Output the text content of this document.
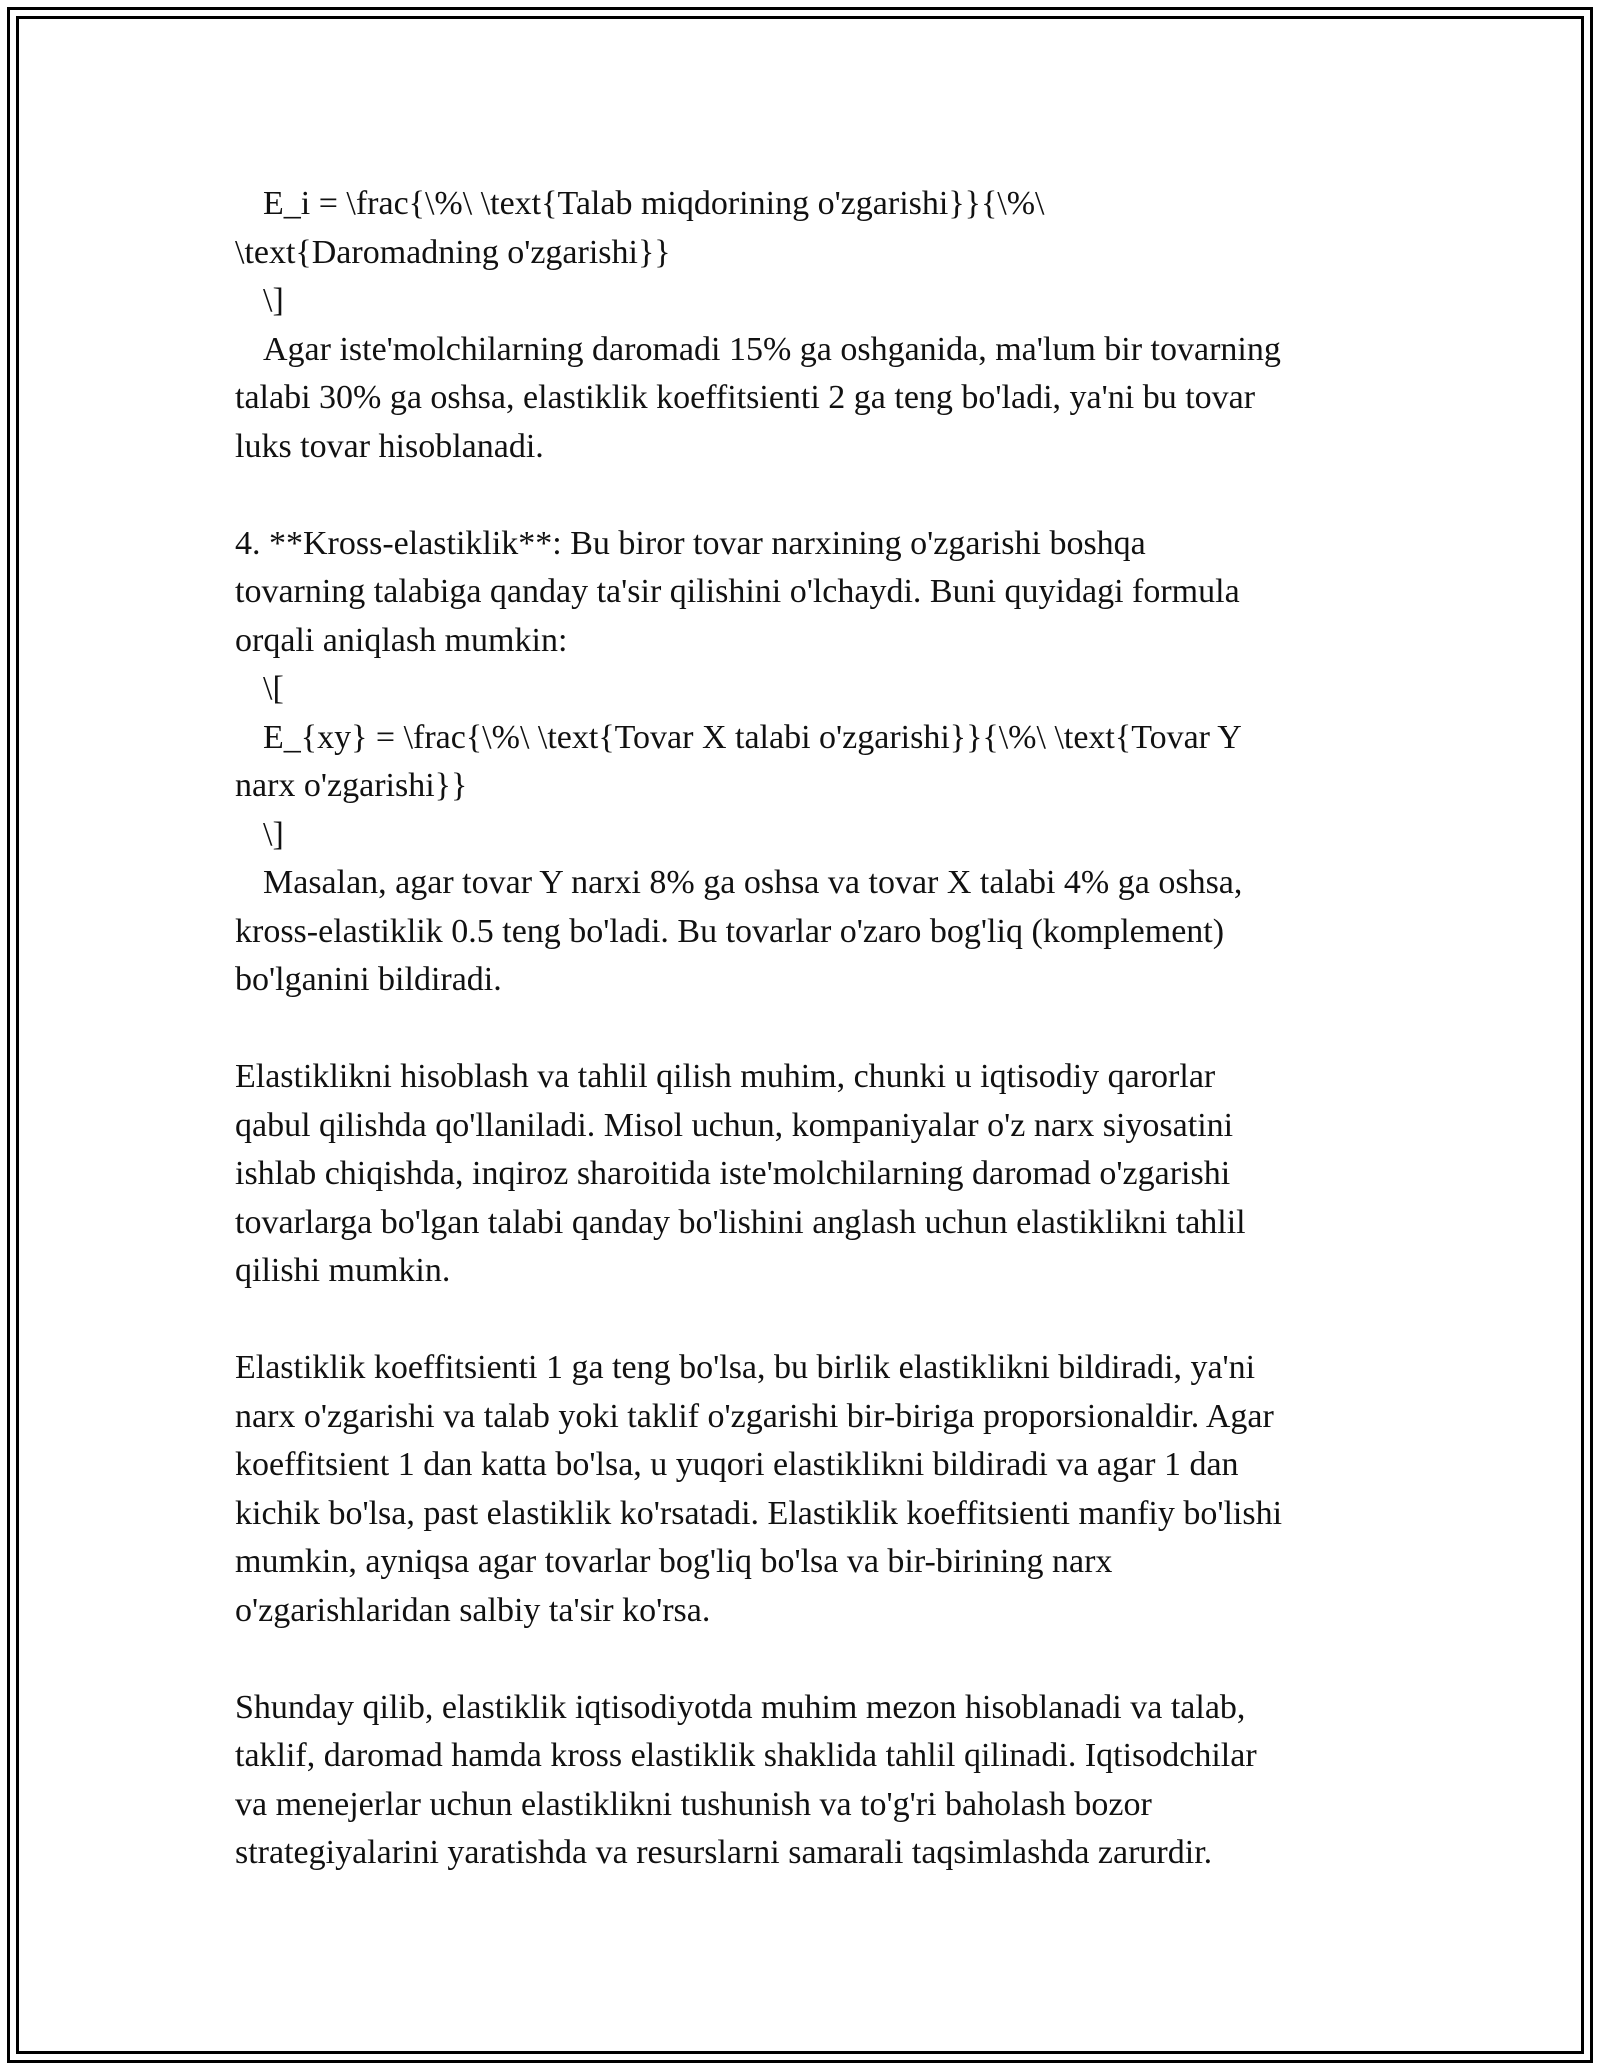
E_i = \frac{\%\ \text{Talab miqdorining o'zgarishi}}{\%\
\text{Daromadning o'zgarishi}}
\]
Agar iste'molchilarning daromadi 15% ga oshganida, ma'lum bir tovarning
talabi 30% ga oshsa, elastiklik koeffitsienti 2 ga teng bo'ladi, ya'ni bu tovar
luks tovar hisoblanadi.
4. **Kross-elastiklik**: Bu biror tovar narxining o'zgarishi boshqa
tovarning talabiga qanday ta'sir qilishini o'lchaydi. Buni quyidagi formula
orqali aniqlash mumkin:
\[
E_{xy} = \frac{\%\ \text{Tovar X talabi o'zgarishi}}{\%\ \text{Tovar Y
narx o'zgarishi}}
\]
Masalan, agar tovar Y narxi 8% ga oshsa va tovar X talabi 4% ga oshsa,
kross-elastiklik 0.5 teng bo'ladi. Bu tovarlar o'zaro bog'liq (komplement)
bo'lganini bildiradi.
Elastiklikni hisoblash va tahlil qilish muhim, chunki u iqtisodiy qarorlar
qabul qilishda qo'llaniladi. Misol uchun, kompaniyalar o'z narx siyosatini
ishlab chiqishda, inqiroz sharoitida iste'molchilarning daromad o'zgarishi
tovarlarga bo'lgan talabi qanday bo'lishini anglash uchun elastiklikni tahlil
qilishi mumkin.
Elastiklik koeffitsienti 1 ga teng bo'lsa, bu birlik elastiklikni bildiradi, ya'ni
narx o'zgarishi va talab yoki taklif o'zgarishi bir-biriga proporsionaldir. Agar
koeffitsient 1 dan katta bo'lsa, u yuqori elastiklikni bildiradi va agar 1 dan
kichik bo'lsa, past elastiklik ko'rsatadi. Elastiklik koeffitsienti manfiy bo'lishi
mumkin, ayniqsa agar tovarlar bog'liq bo'lsa va bir-birining narx
o'zgarishlaridan salbiy ta'sir ko'rsa.
Shunday qilib, elastiklik iqtisodiyotda muhim mezon hisoblanadi va talab,
taklif, daromad hamda kross elastiklik shaklida tahlil qilinadi. Iqtisodchilar
va menejerlar uchun elastiklikni tushunish va to'g'ri baholash bozor
strategiyalarini yaratishda va resurslarni samarali taqsimlashda zarurdir.
